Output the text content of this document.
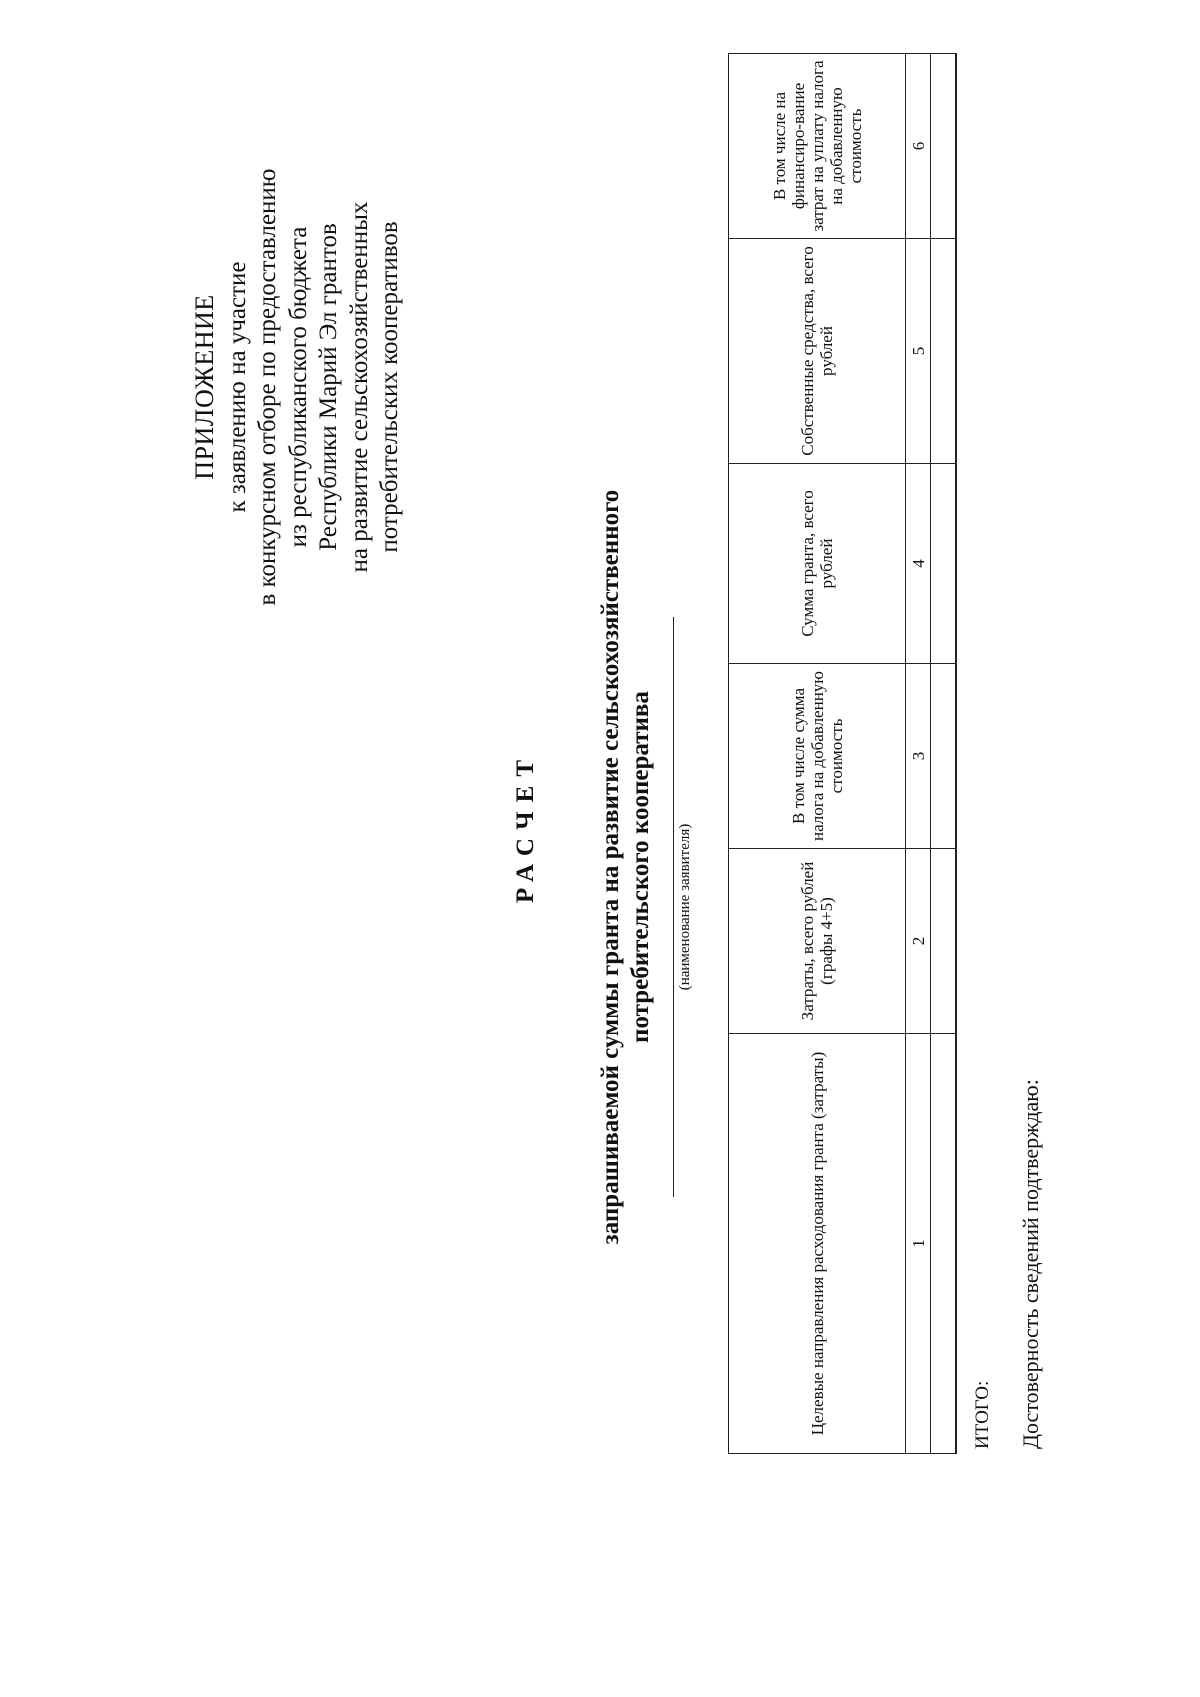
ПРИЛОЖЕНИЕ к заявлению на участие в конкурсном отборе по предоставлению из республиканского бюджета Республики Марий Эл грантов на развитие сельскохозяйственных потребительских кооперативов
РАСЧЕТ запрашиваемой суммы гранта на развитие сельскохозяйственного потребительского кооператива (наименование заявителя)
Целевые направления расходования гранта (затраты)	Затраты, всего рублей (графы 4+5)	В том числе сумма налога на добавленную стоимость	Сумма гранта, всего рублей	Собственные средства, всего рублей	В том числе на финансиро-вание затрат на уплату налога на добавленную стоимость
1	2	3	4	5	6

ИТОГО: Достоверность сведений подтверждаю:
